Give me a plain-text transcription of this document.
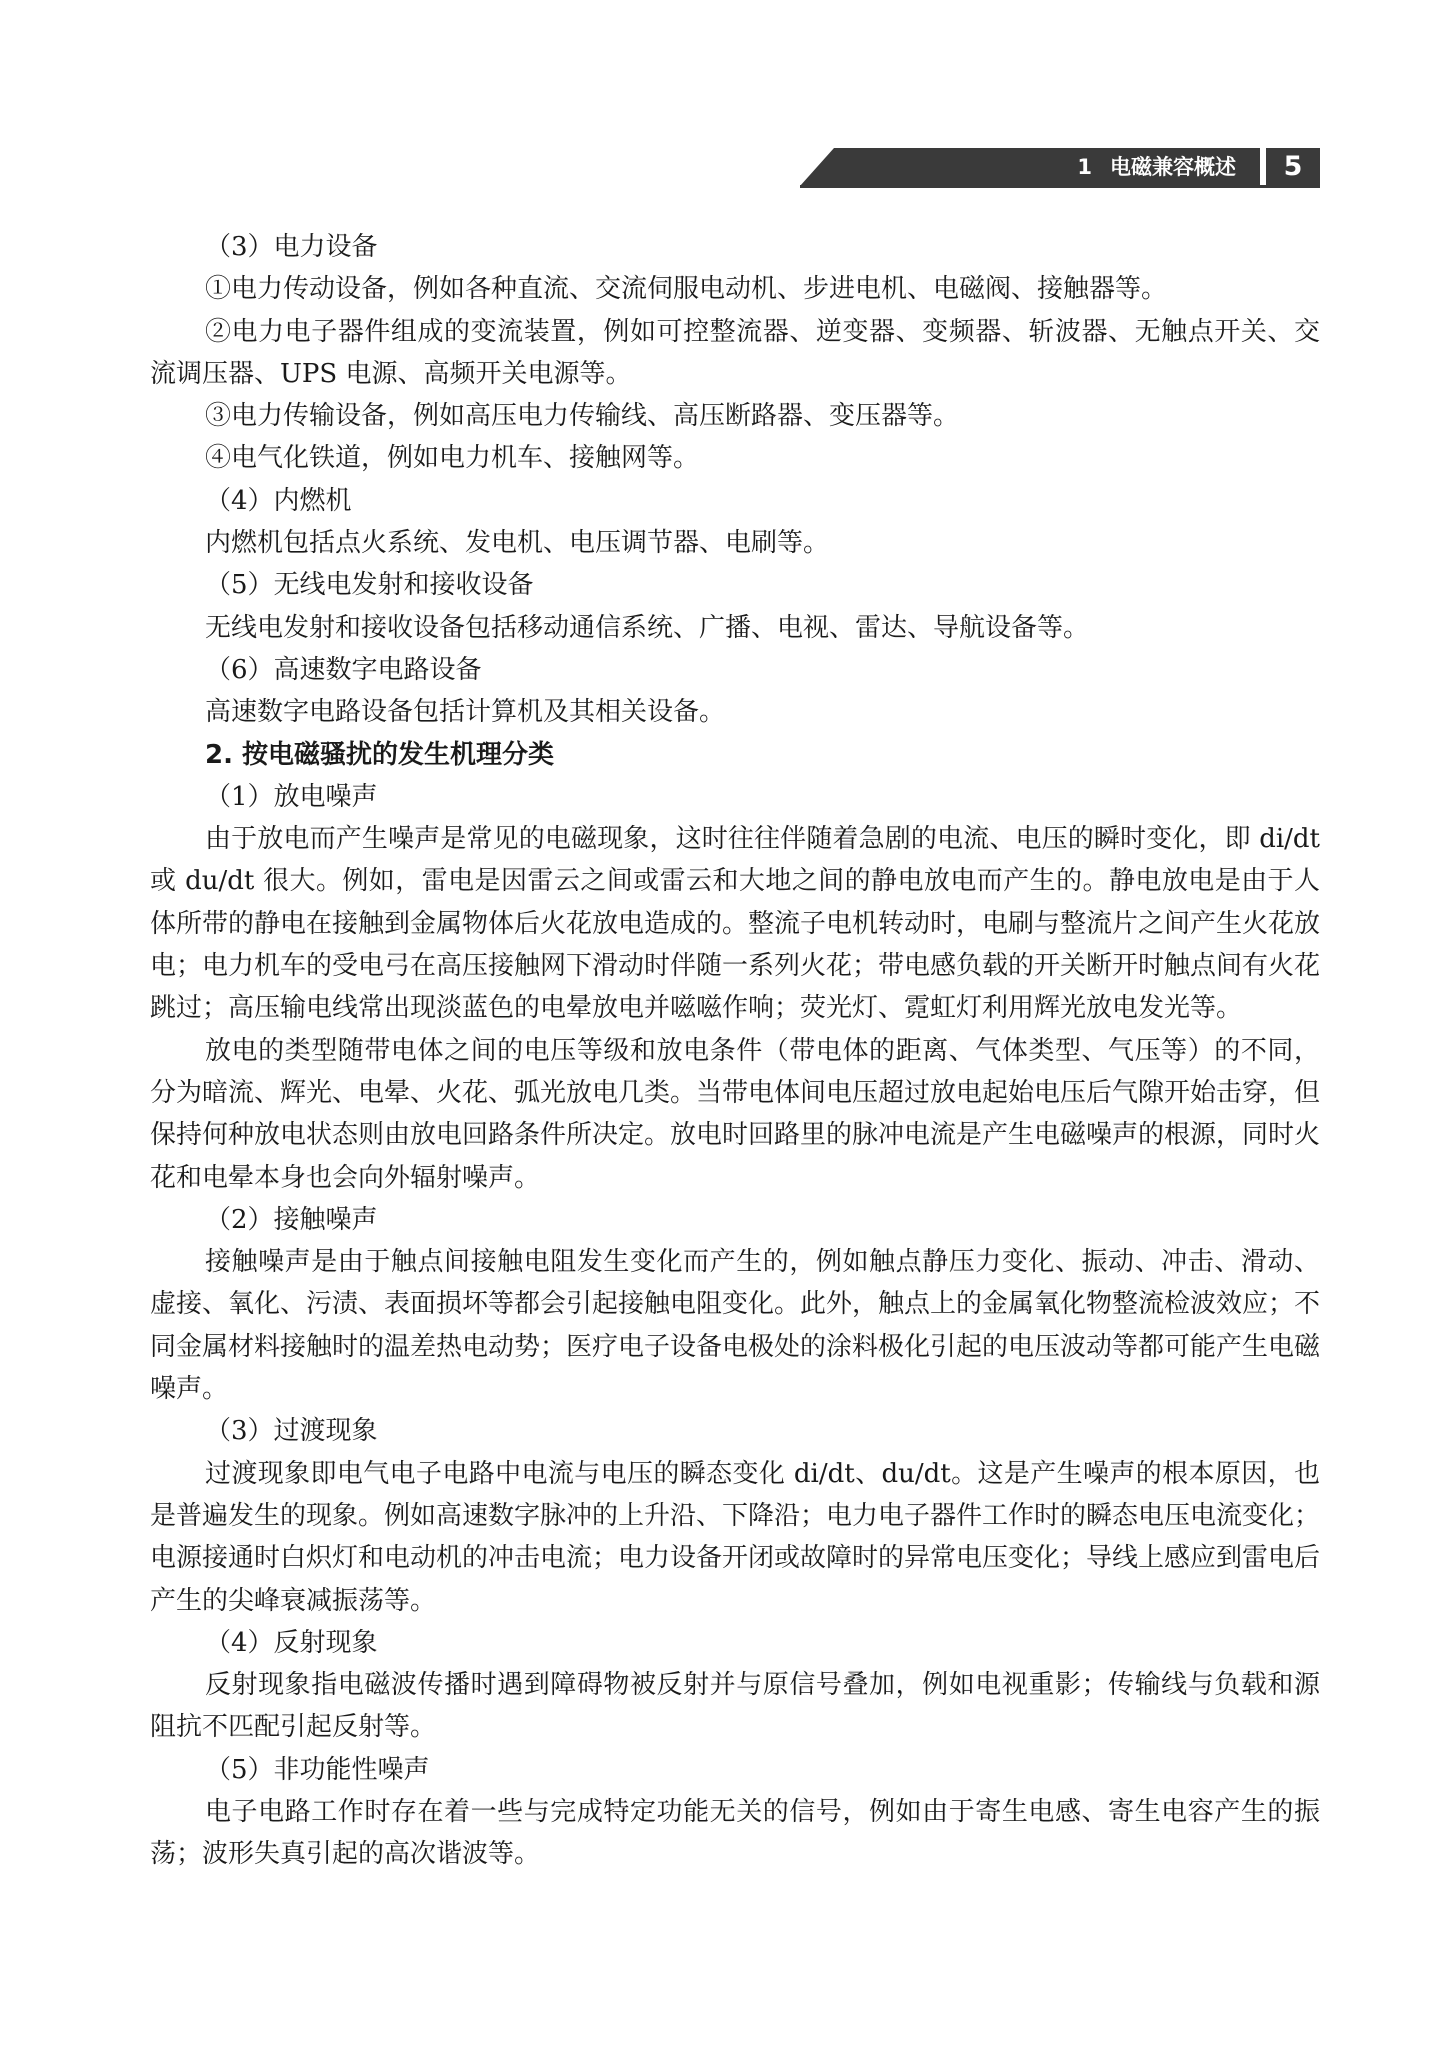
1 电磁兼容概述	5

（3）电力设备

①电力传动设备，例如各种直流、交流伺服电动机、步进电机、电磁阀、接触器等。

②电力电子器件组成的变流装置，例如可控整流器、逆变器、变频器、斩波器、无触点开关、交流调压器、UPS 电源、高频开关电源等。

③电力传输设备，例如高压电力传输线、高压断路器、变压器等。

④电气化铁道，例如电力机车、接触网等。

（4）内燃机

内燃机包括点火系统、发电机、电压调节器、电刷等。

（5）无线电发射和接收设备

无线电发射和接收设备包括移动通信系统、广播、电视、雷达、导航设备等。

（6）高速数字电路设备

高速数字电路设备包括计算机及其相关设备。

2. 按电磁骚扰的发生机理分类

（1）放电噪声

由于放电而产生噪声是常见的电磁现象，这时往往伴随着急剧的电流、电压的瞬时变化，即 di/dt 或 du/dt 很大。例如，雷电是因雷云之间或雷云和大地之间的静电放电而产生的。静电放电是由于人体所带的静电在接触到金属物体后火花放电造成的。整流子电机转动时，电刷与整流片之间产生火花放电；电力机车的受电弓在高压接触网下滑动时伴随一系列火花；带电感负载的开关断开时触点间有火花跳过；高压输电线常出现淡蓝色的电晕放电并嗞嗞作响；荧光灯、霓虹灯利用辉光放电发光等。

放电的类型随带电体之间的电压等级和放电条件（带电体的距离、气体类型、气压等）的不同，分为暗流、辉光、电晕、火花、弧光放电几类。当带电体间电压超过放电起始电压后气隙开始击穿，但保持何种放电状态则由放电回路条件所决定。放电时回路里的脉冲电流是产生电磁噪声的根源，同时火花和电晕本身也会向外辐射噪声。

（2）接触噪声

接触噪声是由于触点间接触电阻发生变化而产生的，例如触点静压力变化、振动、冲击、滑动、虚接、氧化、污渍、表面损坏等都会引起接触电阻变化。此外，触点上的金属氧化物整流检波效应；不同金属材料接触时的温差热电动势；医疗电子设备电极处的涂料极化引起的电压波动等都可能产生电磁噪声。

（3）过渡现象

过渡现象即电气电子电路中电流与电压的瞬态变化 di/dt、du/dt。这是产生噪声的根本原因，也是普遍发生的现象。例如高速数字脉冲的上升沿、下降沿；电力电子器件工作时的瞬态电压电流变化；电源接通时白炽灯和电动机的冲击电流；电力设备开闭或故障时的异常电压变化；导线上感应到雷电后产生的尖峰衰减振荡等。

（4）反射现象

反射现象指电磁波传播时遇到障碍物被反射并与原信号叠加，例如电视重影；传输线与负载和源阻抗不匹配引起反射等。

（5）非功能性噪声

电子电路工作时存在着一些与完成特定功能无关的信号，例如由于寄生电感、寄生电容产生的振荡；波形失真引起的高次谐波等。
